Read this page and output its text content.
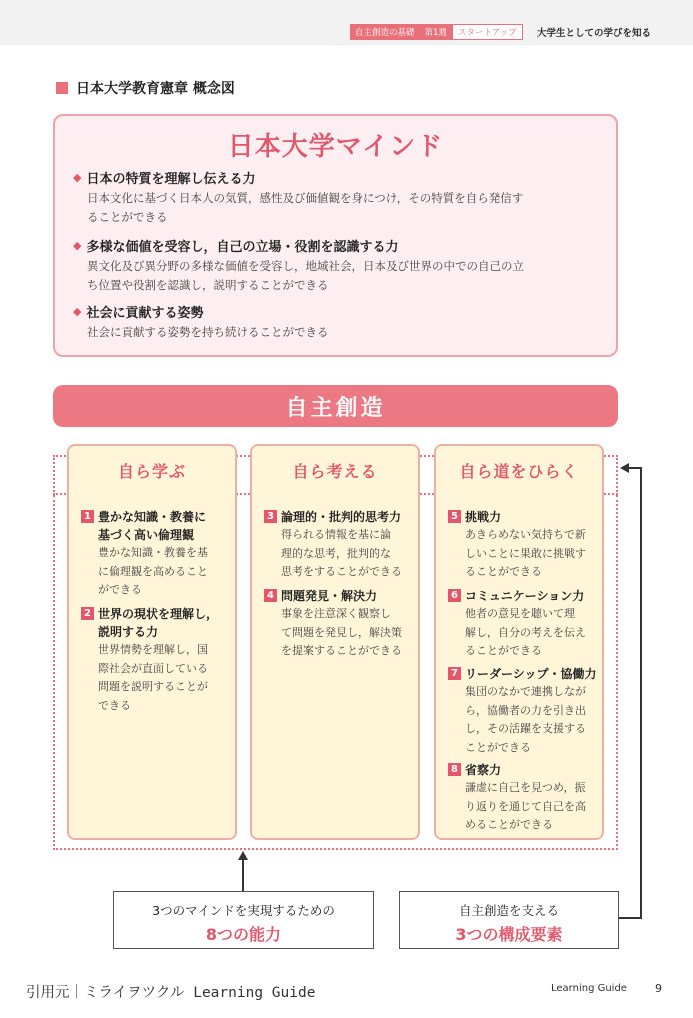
自主創造の基礎	第1週	スタートアップ	大学生としての学びを知る
日本大学教育憲章 概念図
日本大学マインド
◆ 日本の特質を理解し伝える力
日本文化に基づく日本人の気質，感性及び価値観を身につけ，その特質を自ら発信す
ることができる
◆ 多様な価値を受容し，自己の立場・役割を認識する力
異文化及び異分野の多様な価値を受容し，地域社会，日本及び世界の中での自己の立
ち位置や役割を認識し，説明することができる
◆ 社会に貢献する姿勢
社会に貢献する姿勢を持ち続けることができる
自主創造
自ら学ぶ
1 豊かな知識・教養に
基づく高い倫理観
豊かな知識・教養を基
に倫理観を高めること
ができる
2 世界の現状を理解し，
説明する力
世界情勢を理解し，国
際社会が直面している
問題を説明することが
できる
自ら考える
3 論理的・批判的思考力
得られる情報を基に論
理的な思考，批判的な
思考をすることができる
4 問題発見・解決力
事象を注意深く観察し
て問題を発見し，解決策
を提案することができる
自ら道をひらく
5 挑戦力
あきらめない気持ちで新
しいことに果敢に挑戦す
ることができる
6 コミュニケーション力
他者の意見を聴いて理
解し，自分の考えを伝え
ることができる
7 リーダーシップ・協働力
集団のなかで連携しなが
ら，協働者の力を引き出
し，その活躍を支援する
ことができる
8 省察力
謙虚に自己を見つめ，振
り返りを通じて自己を高
めることができる
3つのマインドを実現するための
8つの能力
自主創造を支える
3つの構成要素
引用元｜ミライヲツクル Learning Guide	Learning Guide	9
